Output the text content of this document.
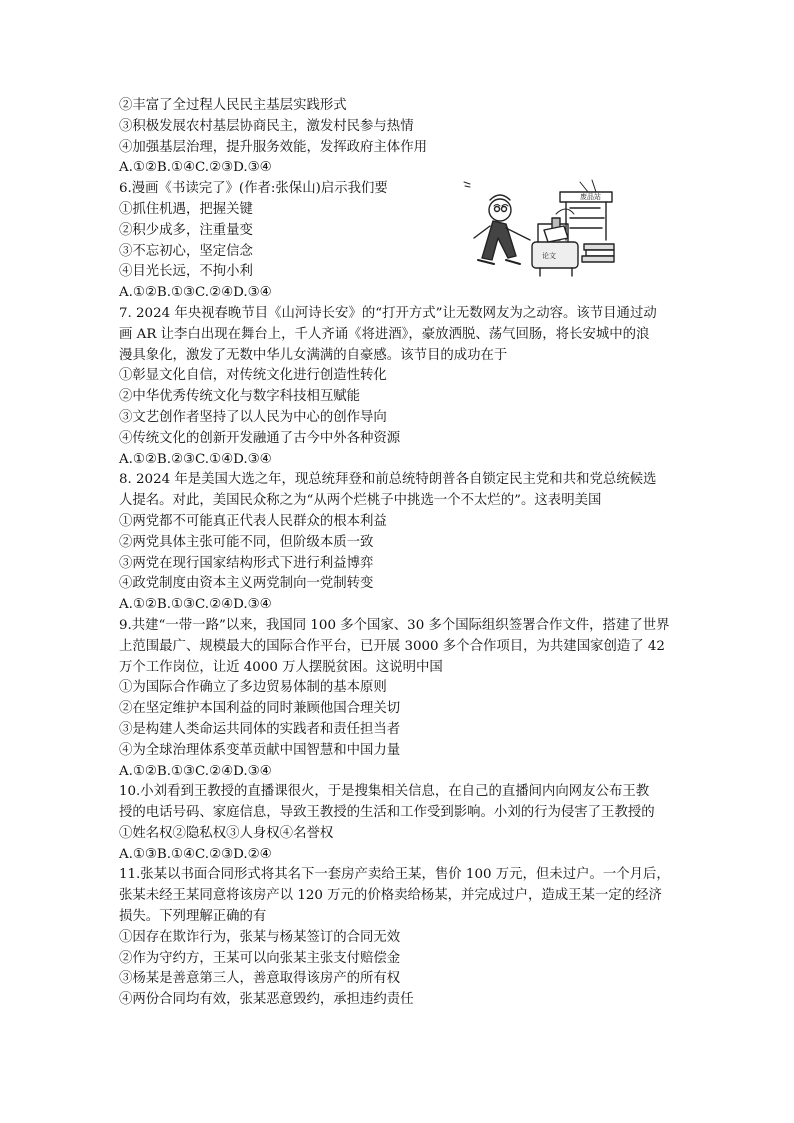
②丰富了全过程人民民主基层实践形式
③积极发展农村基层协商民主，激发村民参与热情
④加强基层治理，提升服务效能，发挥政府主体作用
A.①②B.①④C.②③D.③④
6.漫画《书读完了》(作者:张保山)启示我们要
①抓住机遇，把握关键
②积少成多，注重量变
③不忘初心，坚定信念
④目光长远，不拘小利
A.①②B.①③C.②④D.③④
7. 2024 年央视春晚节目《山河诗长安》的“打开方式”让无数网友为之动容。该节目通过动
画 AR 让李白出现在舞台上，千人齐诵《将进酒》，豪放洒脱、荡气回肠，将长安城中的浪
漫具象化，激发了无数中华儿女满满的自豪感。该节目的成功在于
①彰显文化自信，对传统文化进行创造性转化
②中华优秀传统文化与数字科技相互赋能
③文艺创作者坚持了以人民为中心的创作导向
④传统文化的创新开发融通了古今中外各种资源
A.①②B.②③C.①④D.③④
8. 2024 年是美国大选之年，现总统拜登和前总统特朗普各自锁定民主党和共和党总统候选
人提名。对此，美国民众称之为“从两个烂桃子中挑选一个不太烂的”。这表明美国
①两党都不可能真正代表人民群众的根本利益
②两党具体主张可能不同，但阶级本质一致
③两党在现行国家结构形式下进行利益博弈
④政党制度由资本主义两党制向一党制转变
A.①②B.①③C.②④D.③④
9.共建“一带一路”以来，我国同 100 多个国家、30 多个国际组织签署合作文件，搭建了世界
上范围最广、规模最大的国际合作平台，已开展 3000 多个合作项目，为共建国家创造了 42
万个工作岗位，让近 4000 万人摆脱贫困。这说明中国
①为国际合作确立了多边贸易体制的基本原则
②在坚定维护本国利益的同时兼顾他国合理关切
③是构建人类命运共同体的实践者和责任担当者
④为全球治理体系变革贡献中国智慧和中国力量
A.①②B.①③C.②④D.③④
10.小刘看到王教授的直播课很火，于是搜集相关信息，在自己的直播间内向网友公布王教
授的电话号码、家庭信息，导致王教授的生活和工作受到影响。小刘的行为侵害了王教授的
①姓名权②隐私权③人身权④名誉权
A.①③B.①④C.②③D.②④
11.张某以书面合同形式将其名下一套房产卖给王某，售价 100 万元，但未过户。一个月后，
张某未经王某同意将该房产以 120 万元的价格卖给杨某，并完成过户，造成王某一定的经济
损失。下列理解正确的有
①因存在欺诈行为，张某与杨某签订的合同无效
②作为守约方，王某可以向张某主张支付赔偿金
③杨某是善意第三人，善意取得该房产的所有权
④两份合同均有效，张某恶意毁约，承担违约责任
废品站
论文
